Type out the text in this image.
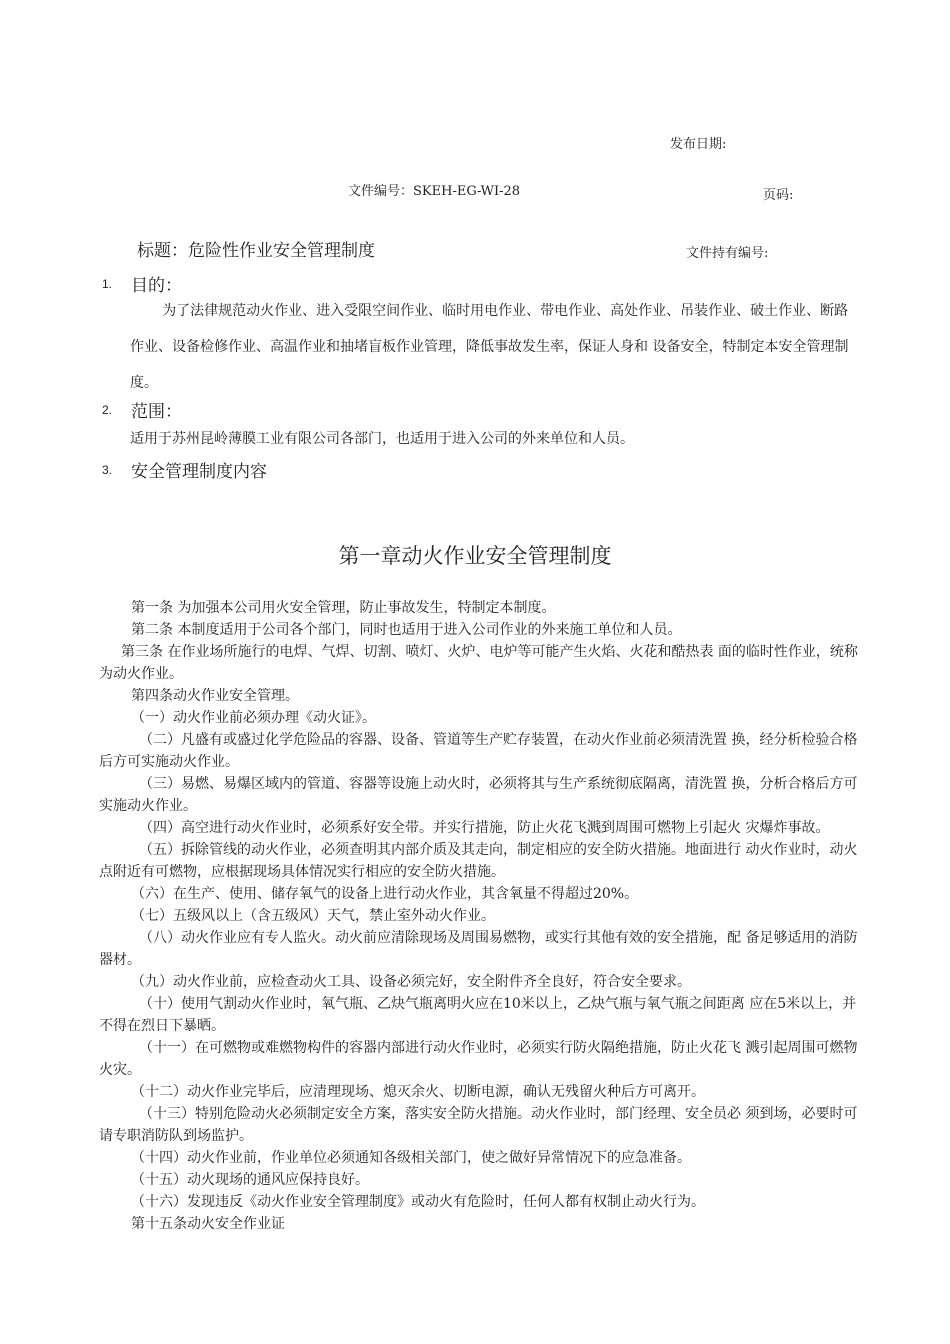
发布日期:
文件编号：SKEH-EG-WI-28	页码:
标题：危险性作业安全管理制度	文件持有编号:
1. 目的：
为了法律规范动火作业、进入受限空间作业、临时用电作业、带电作业、高处作业、吊装作业、破土作业、断路作业、设备检修作业、高温作业和抽堵盲板作业管理，降低事故发生率，保证人身和 设备安全，特制定本安全管理制度。
2. 范围：
适用于苏州昆岭薄膜工业有限公司各部门，也适用于进入公司的外来单位和人员。
3. 安全管理制度内容
第一章动火作业安全管理制度

第一条 为加强本公司用火安全管理，防止事故发生，特制定本制度。

第二条 本制度适用于公司各个部门，同时也适用于进入公司作业的外来施工单位和人员。

第三条 在作业场所施行的电焊、气焊、切割、喷灯、火炉、电炉等可能产生火焰、火花和酷热表 面的临时性作业，统称为动火作业。

第四条动火作业安全管理。

（一）动火作业前必须办理《动火证》。

（二）凡盛有或盛过化学危险品的容器、设备、管道等生产贮存装置，在动火作业前必须清洗置 换，经分析检验合格后方可实施动火作业。

（三）易燃、易爆区域内的管道、容器等设施上动火时，必须将其与生产系统彻底隔离，清洗置 换，分析合格后方可实施动火作业。

（四）高空进行动火作业时，必须系好安全带。并实行措施，防止火花飞溅到周围可燃物上引起火 灾爆炸事故。

（五）拆除管线的动火作业，必须查明其内部介质及其走向，制定相应的安全防火措施。地面进行 动火作业时，动火点附近有可燃物，应根据现场具体情况实行相应的安全防火措施。

（六）在生产、使用、储存氧气的设备上进行动火作业，其含氧量不得超过20%。

（七）五级风以上（含五级风）天气，禁止室外动火作业。

（八）动火作业应有专人监火。动火前应清除现场及周围易燃物，或实行其他有效的安全措施，配 备足够适用的消防器材。

（九）动火作业前，应检查动火工具、设备必须完好，安全附件齐全良好，符合安全要求。

（十）使用气割动火作业时，氧气瓶、乙炔气瓶离明火应在10米以上，乙炔气瓶与氧气瓶之间距离 应在5米以上，并不得在烈日下暴晒。

（十一）在可燃物或难燃物构件的容器内部进行动火作业时，必须实行防火隔绝措施，防止火花飞 溅引起周围可燃物火灾。

（十二）动火作业完毕后，应清理现场、熄灭余火、切断电源，确认无残留火种后方可离开。

（十三）特别危险动火必须制定安全方案，落实安全防火措施。动火作业时，部门经理、安全员必 须到场，必要时可请专职消防队到场监护。

（十四）动火作业前，作业单位必须通知各级相关部门，使之做好异常情况下的应急准备。

（十五）动火现场的通风应保持良好。

（十六）发现违反《动火作业安全管理制度》或动火有危险时，任何人都有权制止动火行为。

第十五条动火安全作业证
